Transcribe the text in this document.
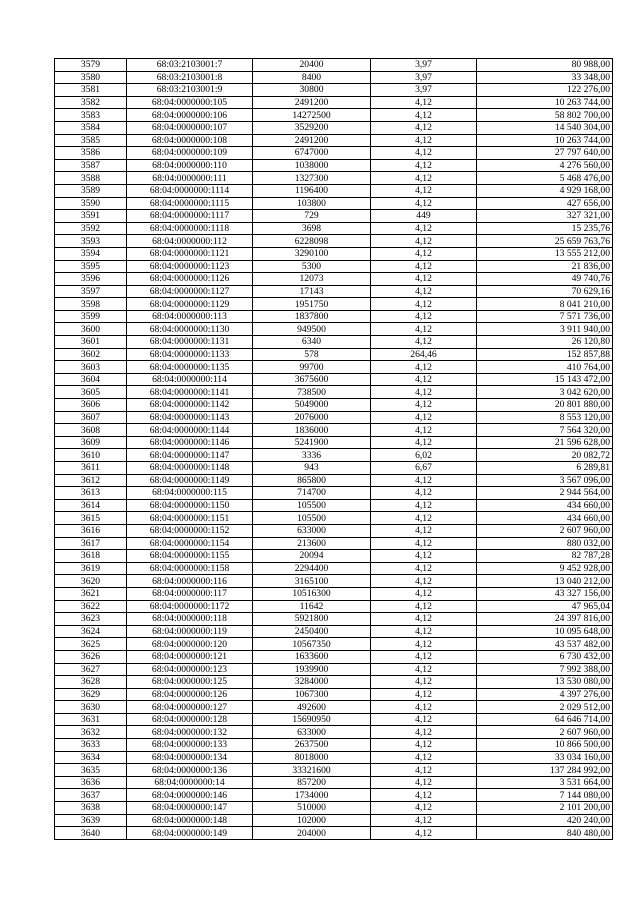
3579	68:03:2103001:7	20400	3,97	80 988,00
3580	68:03:2103001:8	8400	3,97	33 348,00
3581	68:03:2103001:9	30800	3,97	122 276,00
3582	68:04:0000000:105	2491200	4,12	10 263 744,00
3583	68:04:0000000:106	14272500	4,12	58 802 700,00
3584	68:04:0000000:107	3529200	4,12	14 540 304,00
3585	68:04:0000000:108	2491200	4,12	10 263 744,00
3586	68:04:0000000:109	6747000	4,12	27 797 640,00
3587	68:04:0000000:110	1038000	4,12	4 276 560,00
3588	68:04:0000000:111	1327300	4,12	5 468 476,00
3589	68:04:0000000:1114	1196400	4,12	4 929 168,00
3590	68:04:0000000:1115	103800	4,12	427 656,00
3591	68:04:0000000:1117	729	449	327 321,00
3592	68:04:0000000:1118	3698	4,12	15 235,76
3593	68:04:0000000:112	6228098	4,12	25 659 763,76
3594	68:04:0000000:1121	3290100	4,12	13 555 212,00
3595	68:04:0000000:1123	5300	4,12	21 836,00
3596	68:04:0000000:1126	12073	4,12	49 740,76
3597	68:04:0000000:1127	17143	4,12	70 629,16
3598	68:04:0000000:1129	1951750	4,12	8 041 210,00
3599	68:04:0000000:113	1837800	4,12	7 571 736,00
3600	68:04:0000000:1130	949500	4,12	3 911 940,00
3601	68:04:0000000:1131	6340	4,12	26 120,80
3602	68:04:0000000:1133	578	264,46	152 857,88
3603	68:04:0000000:1135	99700	4,12	410 764,00
3604	68:04:0000000:114	3675600	4,12	15 143 472,00
3605	68:04:0000000:1141	738500	4,12	3 042 620,00
3606	68:04:0000000:1142	5049000	4,12	20 801 880,00
3607	68:04:0000000:1143	2076000	4,12	8 553 120,00
3608	68:04:0000000:1144	1836000	4,12	7 564 320,00
3609	68:04:0000000:1146	5241900	4,12	21 596 628,00
3610	68:04:0000000:1147	3336	6,02	20 082,72
3611	68:04:0000000:1148	943	6,67	6 289,81
3612	68:04:0000000:1149	865800	4,12	3 567 096,00
3613	68:04:0000000:115	714700	4,12	2 944 564,00
3614	68:04:0000000:1150	105500	4,12	434 660,00
3615	68:04:0000000:1151	105500	4,12	434 660,00
3616	68:04:0000000:1152	633000	4,12	2 607 960,00
3617	68:04:0000000:1154	213600	4,12	880 032,00
3618	68:04:0000000:1155	20094	4,12	82 787,28
3619	68:04:0000000:1158	2294400	4,12	9 452 928,00
3620	68:04:0000000:116	3165100	4,12	13 040 212,00
3621	68:04:0000000:117	10516300	4,12	43 327 156,00
3622	68:04:0000000:1172	11642	4,12	47 965,04
3623	68:04:0000000:118	5921800	4,12	24 397 816,00
3624	68:04:0000000:119	2450400	4,12	10 095 648,00
3625	68:04:0000000:120	10567350	4,12	43 537 482,00
3626	68:04:0000000:121	1633600	4,12	6 730 432,00
3627	68:04:0000000:123	1939900	4,12	7 992 388,00
3628	68:04:0000000:125	3284000	4,12	13 530 080,00
3629	68:04:0000000:126	1067300	4,12	4 397 276,00
3630	68:04:0000000:127	492600	4,12	2 029 512,00
3631	68:04:0000000:128	15690950	4,12	64 646 714,00
3632	68:04:0000000:132	633000	4,12	2 607 960,00
3633	68:04:0000000:133	2637500	4,12	10 866 500,00
3634	68:04:0000000:134	8018000	4,12	33 034 160,00
3635	68:04:0000000:136	33321600	4,12	137 284 992,00
3636	68:04:0000000:14	857200	4,12	3 531 664,00
3637	68:04:0000000:146	1734000	4,12	7 144 080,00
3638	68:04:0000000:147	510000	4,12	2 101 200,00
3639	68:04:0000000:148	102000	4,12	420 240,00
3640	68:04:0000000:149	204000	4,12	840 480,00
